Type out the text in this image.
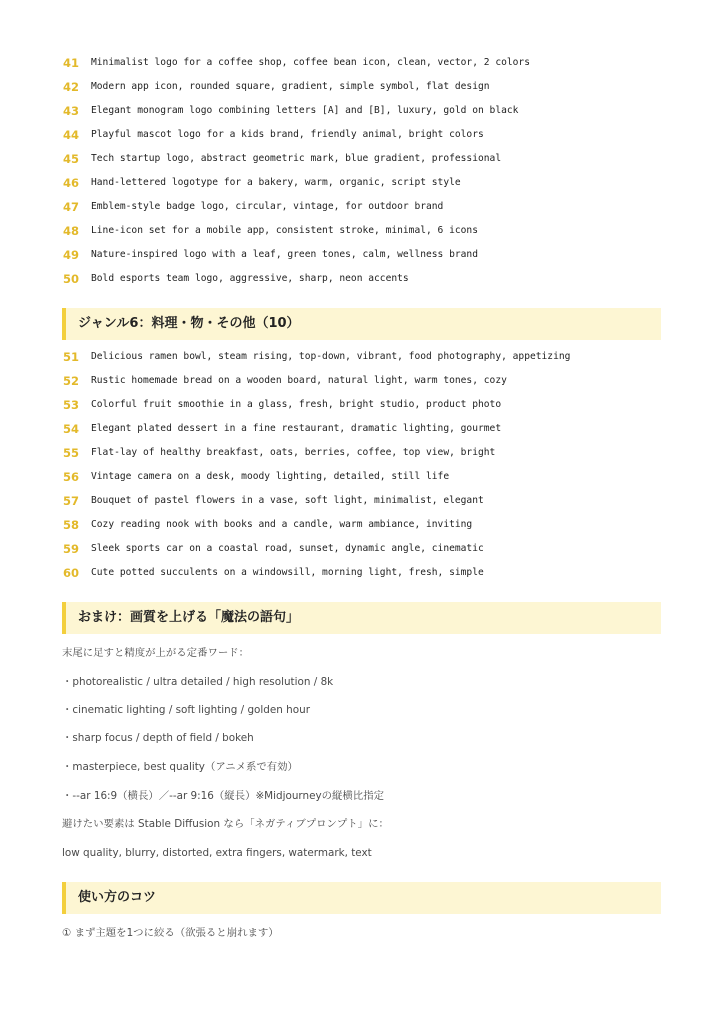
41	Minimalist logo for a coffee shop, coffee bean icon, clean, vector, 2 colors
42	Modern app icon, rounded square, gradient, simple symbol, flat design
43	Elegant monogram logo combining letters [A] and [B], luxury, gold on black
44	Playful mascot logo for a kids brand, friendly animal, bright colors
45	Tech startup logo, abstract geometric mark, blue gradient, professional
46	Hand-lettered logotype for a bakery, warm, organic, script style
47	Emblem-style badge logo, circular, vintage, for outdoor brand
48	Line-icon set for a mobile app, consistent stroke, minimal, 6 icons
49	Nature-inspired logo with a leaf, green tones, calm, wellness brand
50	Bold esports team logo, aggressive, sharp, neon accents
ジャンル6：料理・物・その他（10）
51	Delicious ramen bowl, steam rising, top-down, vibrant, food photography, appetizing
52	Rustic homemade bread on a wooden board, natural light, warm tones, cozy
53	Colorful fruit smoothie in a glass, fresh, bright studio, product photo
54	Elegant plated dessert in a fine restaurant, dramatic lighting, gourmet
55	Flat-lay of healthy breakfast, oats, berries, coffee, top view, bright
56	Vintage camera on a desk, moody lighting, detailed, still life
57	Bouquet of pastel flowers in a vase, soft light, minimalist, elegant
58	Cozy reading nook with books and a candle, warm ambiance, inviting
59	Sleek sports car on a coastal road, sunset, dynamic angle, cinematic
60	Cute potted succulents on a windowsill, morning light, fresh, simple
おまけ：画質を上げる「魔法の語句」

末尾に足すと精度が上がる定番ワード：

・photorealistic / ultra detailed / high resolution / 8k

・cinematic lighting / soft lighting / golden hour

・sharp focus / depth of field / bokeh

・masterpiece, best quality（アニメ系で有効）

・--ar 16:9（横長）／--ar 9:16（縦長）※Midjourneyの縦横比指定

避けたい要素は Stable Diffusion なら「ネガティブプロンプト」に：

low quality, blurry, distorted, extra fingers, watermark, text

使い方のコツ

① まず主題を1つに絞る（欲張ると崩れます）
